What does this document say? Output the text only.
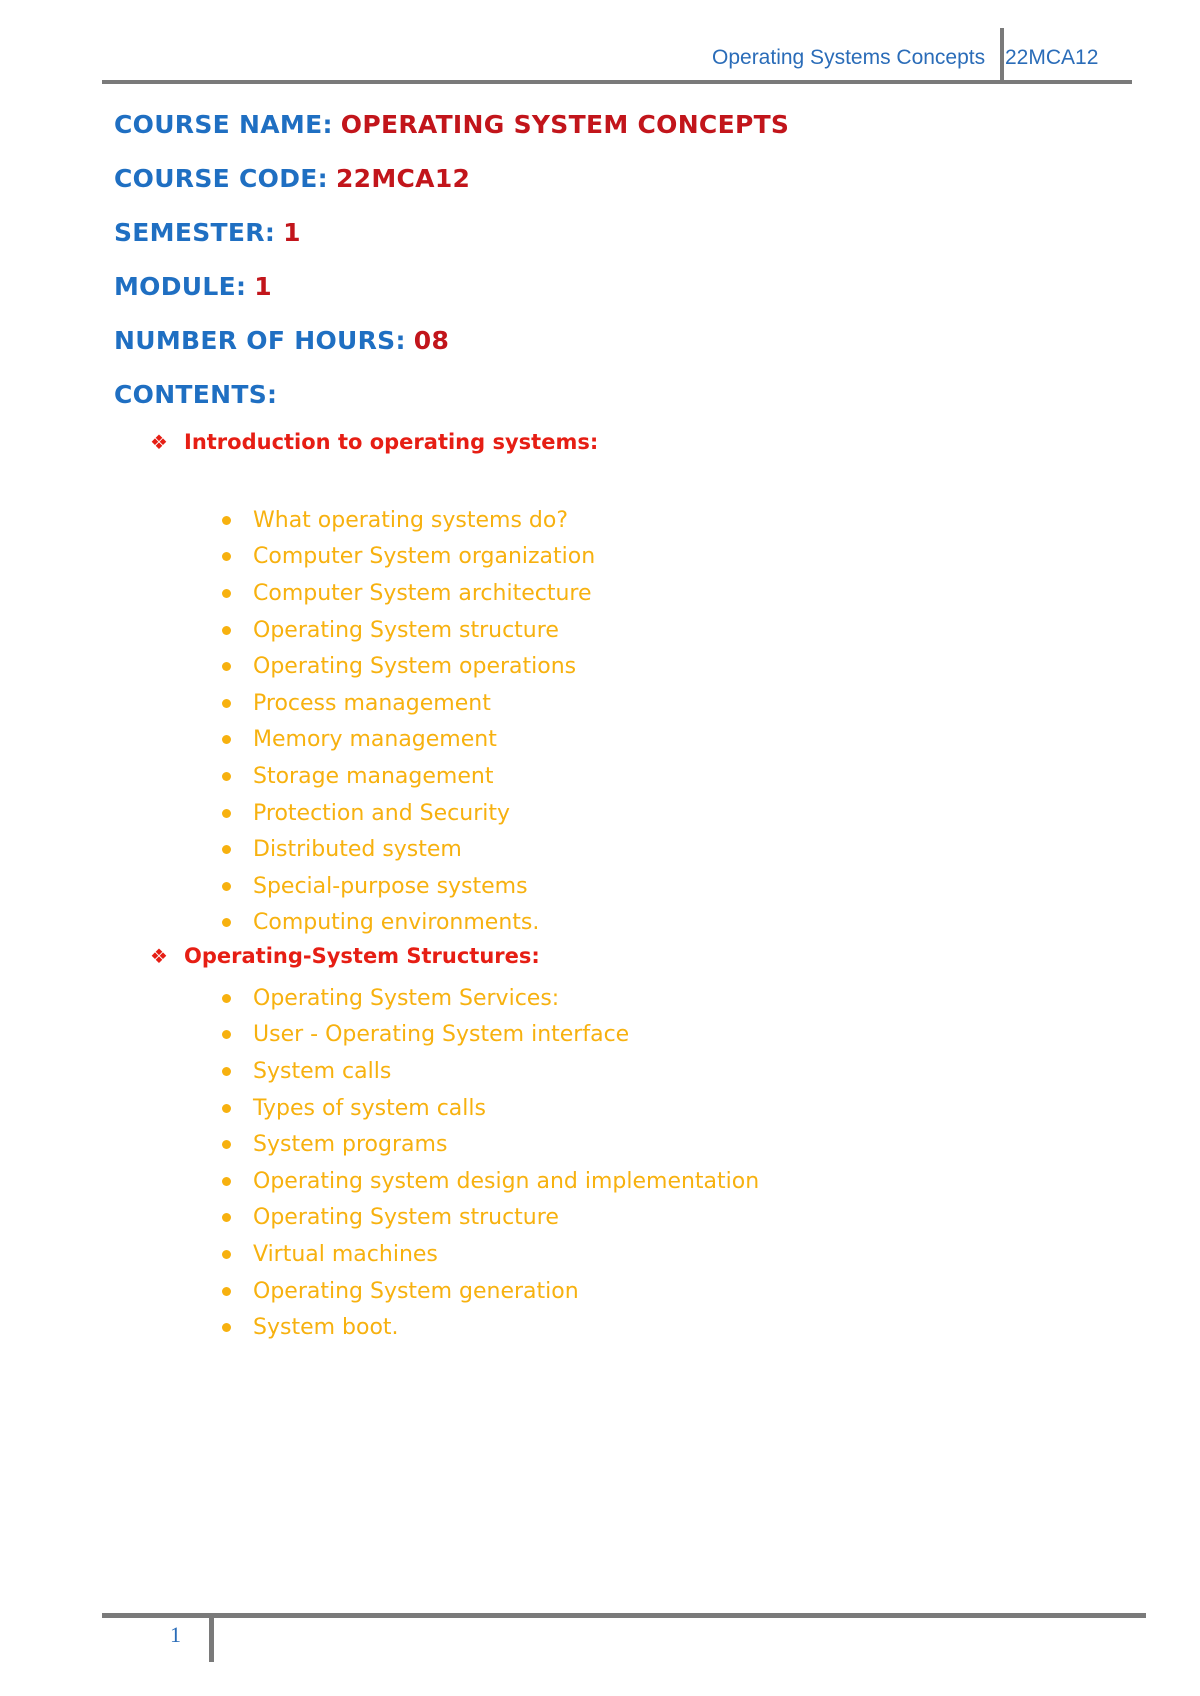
Operating Systems Concepts 22MCA12
COURSE NAME: OPERATING SYSTEM CONCEPTS
COURSE CODE: 22MCA12
SEMESTER: 1
MODULE: 1
NUMBER OF HOURS: 08
CONTENTS:
❖ Introduction to operating systems:
What operating systems do?
Computer System organization
Computer System architecture
Operating System structure
Operating System operations
Process management
Memory management
Storage management
Protection and Security
Distributed system
Special-purpose systems
Computing environments.
❖ Operating-System Structures:
Operating System Services:
User - Operating System interface
System calls
Types of system calls
System programs
Operating system design and implementation
Operating System structure
Virtual machines
Operating System generation
System boot.
1
